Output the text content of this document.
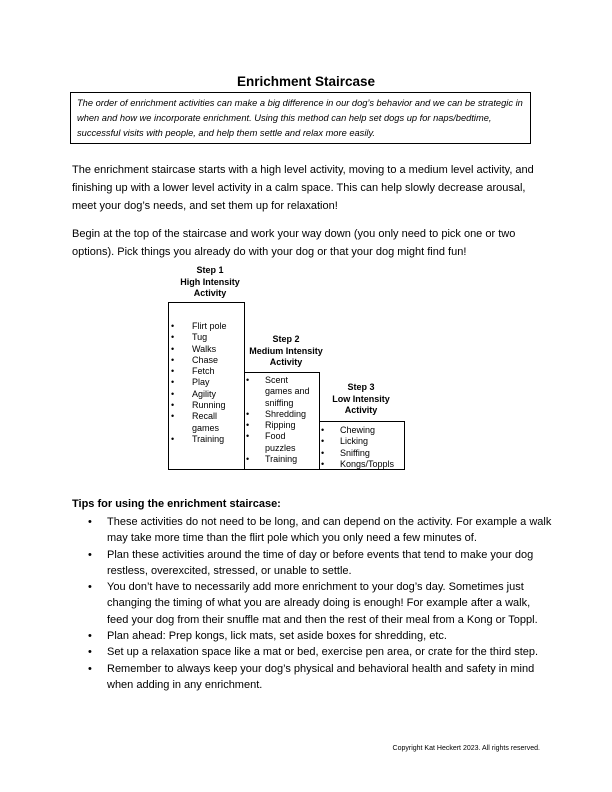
Enrichment Staircase
The order of enrichment activities can make a big difference in our dog’s behavior and we can be strategic in when and how we incorporate enrichment. Using this method can help set dogs up for naps/bedtime, successful visits with people, and help them settle and relax more easily.
The enrichment staircase starts with a high level activity, moving to a medium level activity, and finishing up with a lower level activity in a calm space. This can help slowly decrease arousal, meet your dog’s needs, and set them up for relaxation!
Begin at the top of the staircase and work your way down (you only need to pick one or two options). Pick things you already do with your dog or that your dog might find fun!
Step 1
High Intensity
Activity
• Flirt pole
• Tug
• Walks
• Chase
• Fetch
• Play
• Agility
• Running
• Recall games
• Training
Step 2
Medium Intensity
Activity
• Scent games and sniffing
• Shredding
• Ripping
• Food puzzles
• Training
Step 3
Low Intensity
Activity
• Chewing
• Licking
• Sniffing
• Kongs/Toppls
Tips for using the enrichment staircase:
• These activities do not need to be long, and can depend on the activity. For example a walk may take more time than the flirt pole which you only need a few minutes of.
• Plan these activities around the time of day or before events that tend to make your dog restless, overexcited, stressed, or unable to settle.
• You don’t have to necessarily add more enrichment to your dog’s day. Sometimes just changing the timing of what you are already doing is enough! For example after a walk, feed your dog from their snuffle mat and then the rest of their meal from a Kong or Toppl.
• Plan ahead: Prep kongs, lick mats, set aside boxes for shredding, etc.
• Set up a relaxation space like a mat or bed, exercise pen area, or crate for the third step.
• Remember to always keep your dog’s physical and behavioral health and safety in mind when adding in any enrichment.
Copyright Kat Heckert 2023. All rights reserved.
